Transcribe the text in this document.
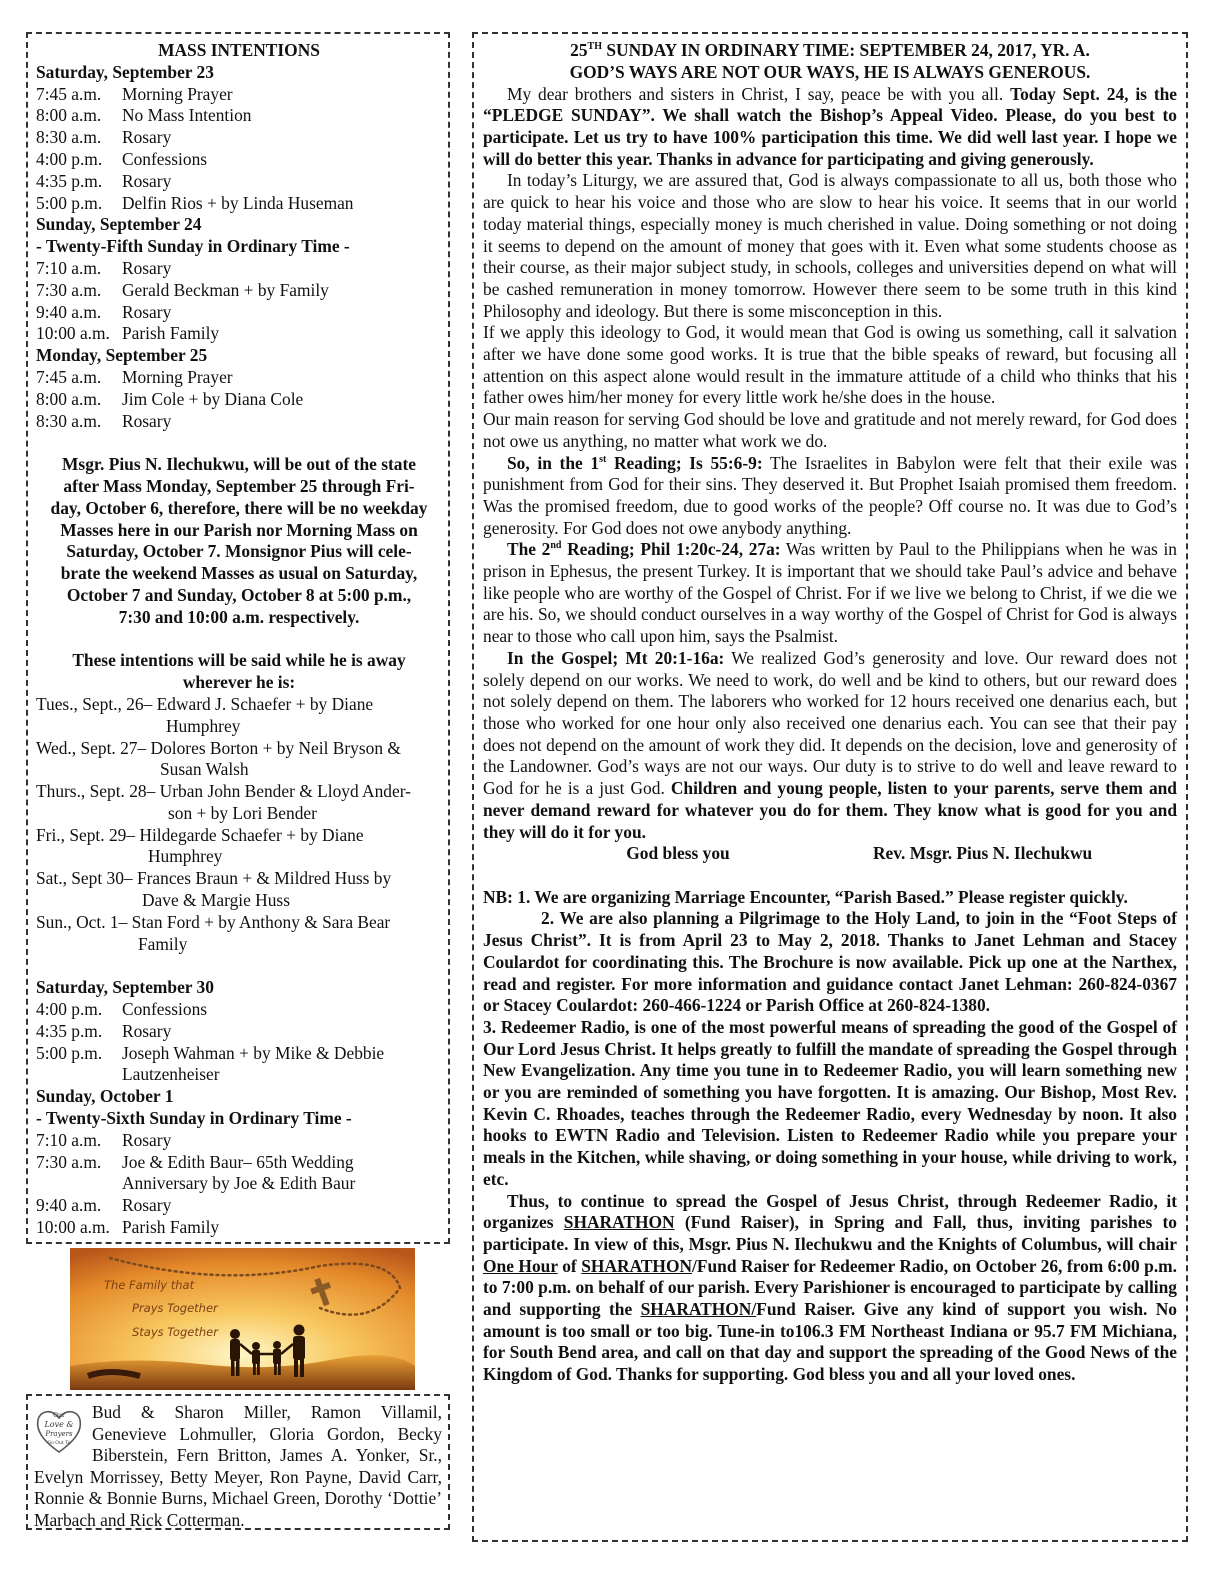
MASS INTENTIONS
Saturday, September 23
7:45 a.m.	Morning Prayer
8:00 a.m.	No Mass Intention
8:30 a.m.	Rosary
4:00 p.m.	Confessions
4:35 p.m.	Rosary
5:00 p.m.	Delfin Rios + by Linda Huseman
Sunday, September 24
- Twenty-Fifth Sunday in Ordinary Time -
7:10 a.m.	Rosary
7:30 a.m.	Gerald Beckman + by Family
9:40 a.m.	Rosary
10:00 a.m. Parish Family
Monday, September 25
7:45 a.m.	Morning Prayer
8:00 a.m.	Jim Cole + by Diana Cole
8:30 a.m.	Rosary
Msgr. Pius N. Ilechukwu, will be out of the state
after Mass Monday, September 25 through Fri-
day, October 6, therefore, there will be no weekday
Masses here in our Parish nor Morning Mass on
Saturday, October 7. Monsignor Pius will cele-
brate the weekend Masses as usual on Saturday,
October 7 and Sunday, October 8 at 5:00 p.m.,
7:30 and 10:00 a.m. respectively.
These intentions will be said while he is away
wherever he is:
Tues., Sept., 26– Edward J. Schaefer + by Diane
Humphrey
Wed., Sept. 27– Dolores Borton + by Neil Bryson &
Susan Walsh
Thurs., Sept. 28– Urban John Bender & Lloyd Ander-
son + by Lori Bender
Fri., Sept. 29– Hildegarde Schaefer + by Diane
Humphrey
Sat., Sept 30– Frances Braun + & Mildred Huss by
Dave & Margie Huss
Sun., Oct. 1– Stan Ford + by Anthony & Sara Bear
Family
Saturday, September 30
4:00 p.m.	Confessions
4:35 p.m.	Rosary
5:00 p.m.	Joseph Wahman + by Mike & Debbie Lautzenheiser
Sunday, October 1
- Twenty-Sixth Sunday in Ordinary Time -
7:10 a.m.	Rosary
7:30 a.m.	Joe & Edith Baur– 65th Wedding Anniversary by Joe & Edith Baur
9:40 a.m.	Rosary
10:00 a.m. Parish Family
The Family that
Prays Together
Stays Together
Our
Love &
Prayers
Go Out To
Bud & Sharon Miller, Ramon Villamil, Genevieve Lohmuller, Gloria Gordon, Becky Biberstein, Fern Britton, James A. Yonker, Sr., Evelyn Morrissey, Betty Meyer, Ron Payne, David Carr, Ronnie & Bonnie Burns, Michael Green, Dorothy ‘Dottie’ Marbach and Rick Cotterman.
25TH SUNDAY IN ORDINARY TIME: SEPTEMBER 24, 2017, YR. A.
GOD’S WAYS ARE NOT OUR WAYS, HE IS ALWAYS GENEROUS.

My dear brothers and sisters in Christ, I say, peace be with you all. Today Sept. 24, is the “PLEDGE SUNDAY”. We shall watch the Bishop’s Appeal Video. Please, do you best to participate. Let us try to have 100% participation this time. We did well last year. I hope we will do better this year. Thanks in advance for participating and giving generously.

In today’s Liturgy, we are assured that, God is always compassionate to all us, both those who are quick to hear his voice and those who are slow to hear his voice. It seems that in our world today material things, especially money is much cherished in value. Doing something or not doing it seems to depend on the amount of money that goes with it. Even what some students choose as their course, as their major subject study, in schools, colleges and universities depend on what will be cashed remuneration in money tomorrow. However there seem to be some truth in this kind Philosophy and ideology. But there is some misconception in this.

If we apply this ideology to God, it would mean that God is owing us something, call it salvation after we have done some good works. It is true that the bible speaks of reward, but focusing all attention on this aspect alone would result in the immature attitude of a child who thinks that his father owes him/her money for every little work he/she does in the house.

Our main reason for serving God should be love and gratitude and not merely reward, for God does not owe us anything, no matter what work we do.

So, in the 1st Reading; Is 55:6-9: The Israelites in Babylon were felt that their exile was punishment from God for their sins. They deserved it. But Prophet Isaiah promised them freedom. Was the promised freedom, due to good works of the people? Off course no. It was due to God’s generosity. For God does not owe anybody anything.

The 2nd Reading; Phil 1:20c-24, 27a: Was written by Paul to the Philippians when he was in prison in Ephesus, the present Turkey. It is important that we should take Paul’s advice and behave like people who are worthy of the Gospel of Christ. For if we live we belong to Christ, if we die we are his. So, we should conduct ourselves in a way worthy of the Gospel of Christ for God is always near to those who call upon him, says the Psalmist.

In the Gospel; Mt 20:1-16a: We realized God’s generosity and love. Our reward does not solely depend on our works. We need to work, do well and be kind to others, but our reward does not solely depend on them. The laborers who worked for 12 hours received one denarius each, but those who worked for one hour only also received one denarius each. You can see that their pay does not depend on the amount of work they did. It depends on the decision, love and generosity of the Landowner. God’s ways are not our ways. Our duty is to strive to do well and leave reward to God for he is a just God. Children and young people, listen to your parents, serve them and never demand reward for whatever you do for them. They know what is good for you and they will do it for you.

God bless you	Rev. Msgr. Pius N. Ilechukwu

NB: 1. We are organizing Marriage Encounter, “Parish Based.” Please register quickly.

2. We are also planning a Pilgrimage to the Holy Land, to join in the “Foot Steps of Jesus Christ”. It is from April 23 to May 2, 2018. Thanks to Janet Lehman and Stacey Coulardot for coordinating this. The Brochure is now available. Pick up one at the Narthex, read and register. For more information and guidance contact Janet Lehman: 260-824-0367 or Stacey Coulardot: 260-466-1224 or Parish Office at 260-824-1380.

3. Redeemer Radio, is one of the most powerful means of spreading the good of the Gospel of Our Lord Jesus Christ. It helps greatly to fulfill the mandate of spreading the Gospel through New Evangelization. Any time you tune in to Redeemer Radio, you will learn something new or you are reminded of something you have forgotten. It is amazing. Our Bishop, Most Rev. Kevin C. Rhoades, teaches through the Redeemer Radio, every Wednesday by noon. It also hooks to EWTN Radio and Television. Listen to Redeemer Radio while you prepare your meals in the Kitchen, while shaving, or doing something in your house, while driving to work, etc.

Thus, to continue to spread the Gospel of Jesus Christ, through Redeemer Radio, it organizes SHARATHON (Fund Raiser), in Spring and Fall, thus, inviting parishes to participate. In view of this, Msgr. Pius N. Ilechukwu and the Knights of Columbus, will chair One Hour of SHARATHON/Fund Raiser for Redeemer Radio, on October 26, from 6:00 p.m. to 7:00 p.m. on behalf of our parish. Every Parishioner is encouraged to participate by calling and supporting the SHARATHON/Fund Raiser. Give any kind of support you wish. No amount is too small or too big. Tune-in to106.3 FM Northeast Indiana or 95.7 FM Michiana, for South Bend area, and call on that day and support the spreading of the Good News of the Kingdom of God. Thanks for supporting. God bless you and all your loved ones.
